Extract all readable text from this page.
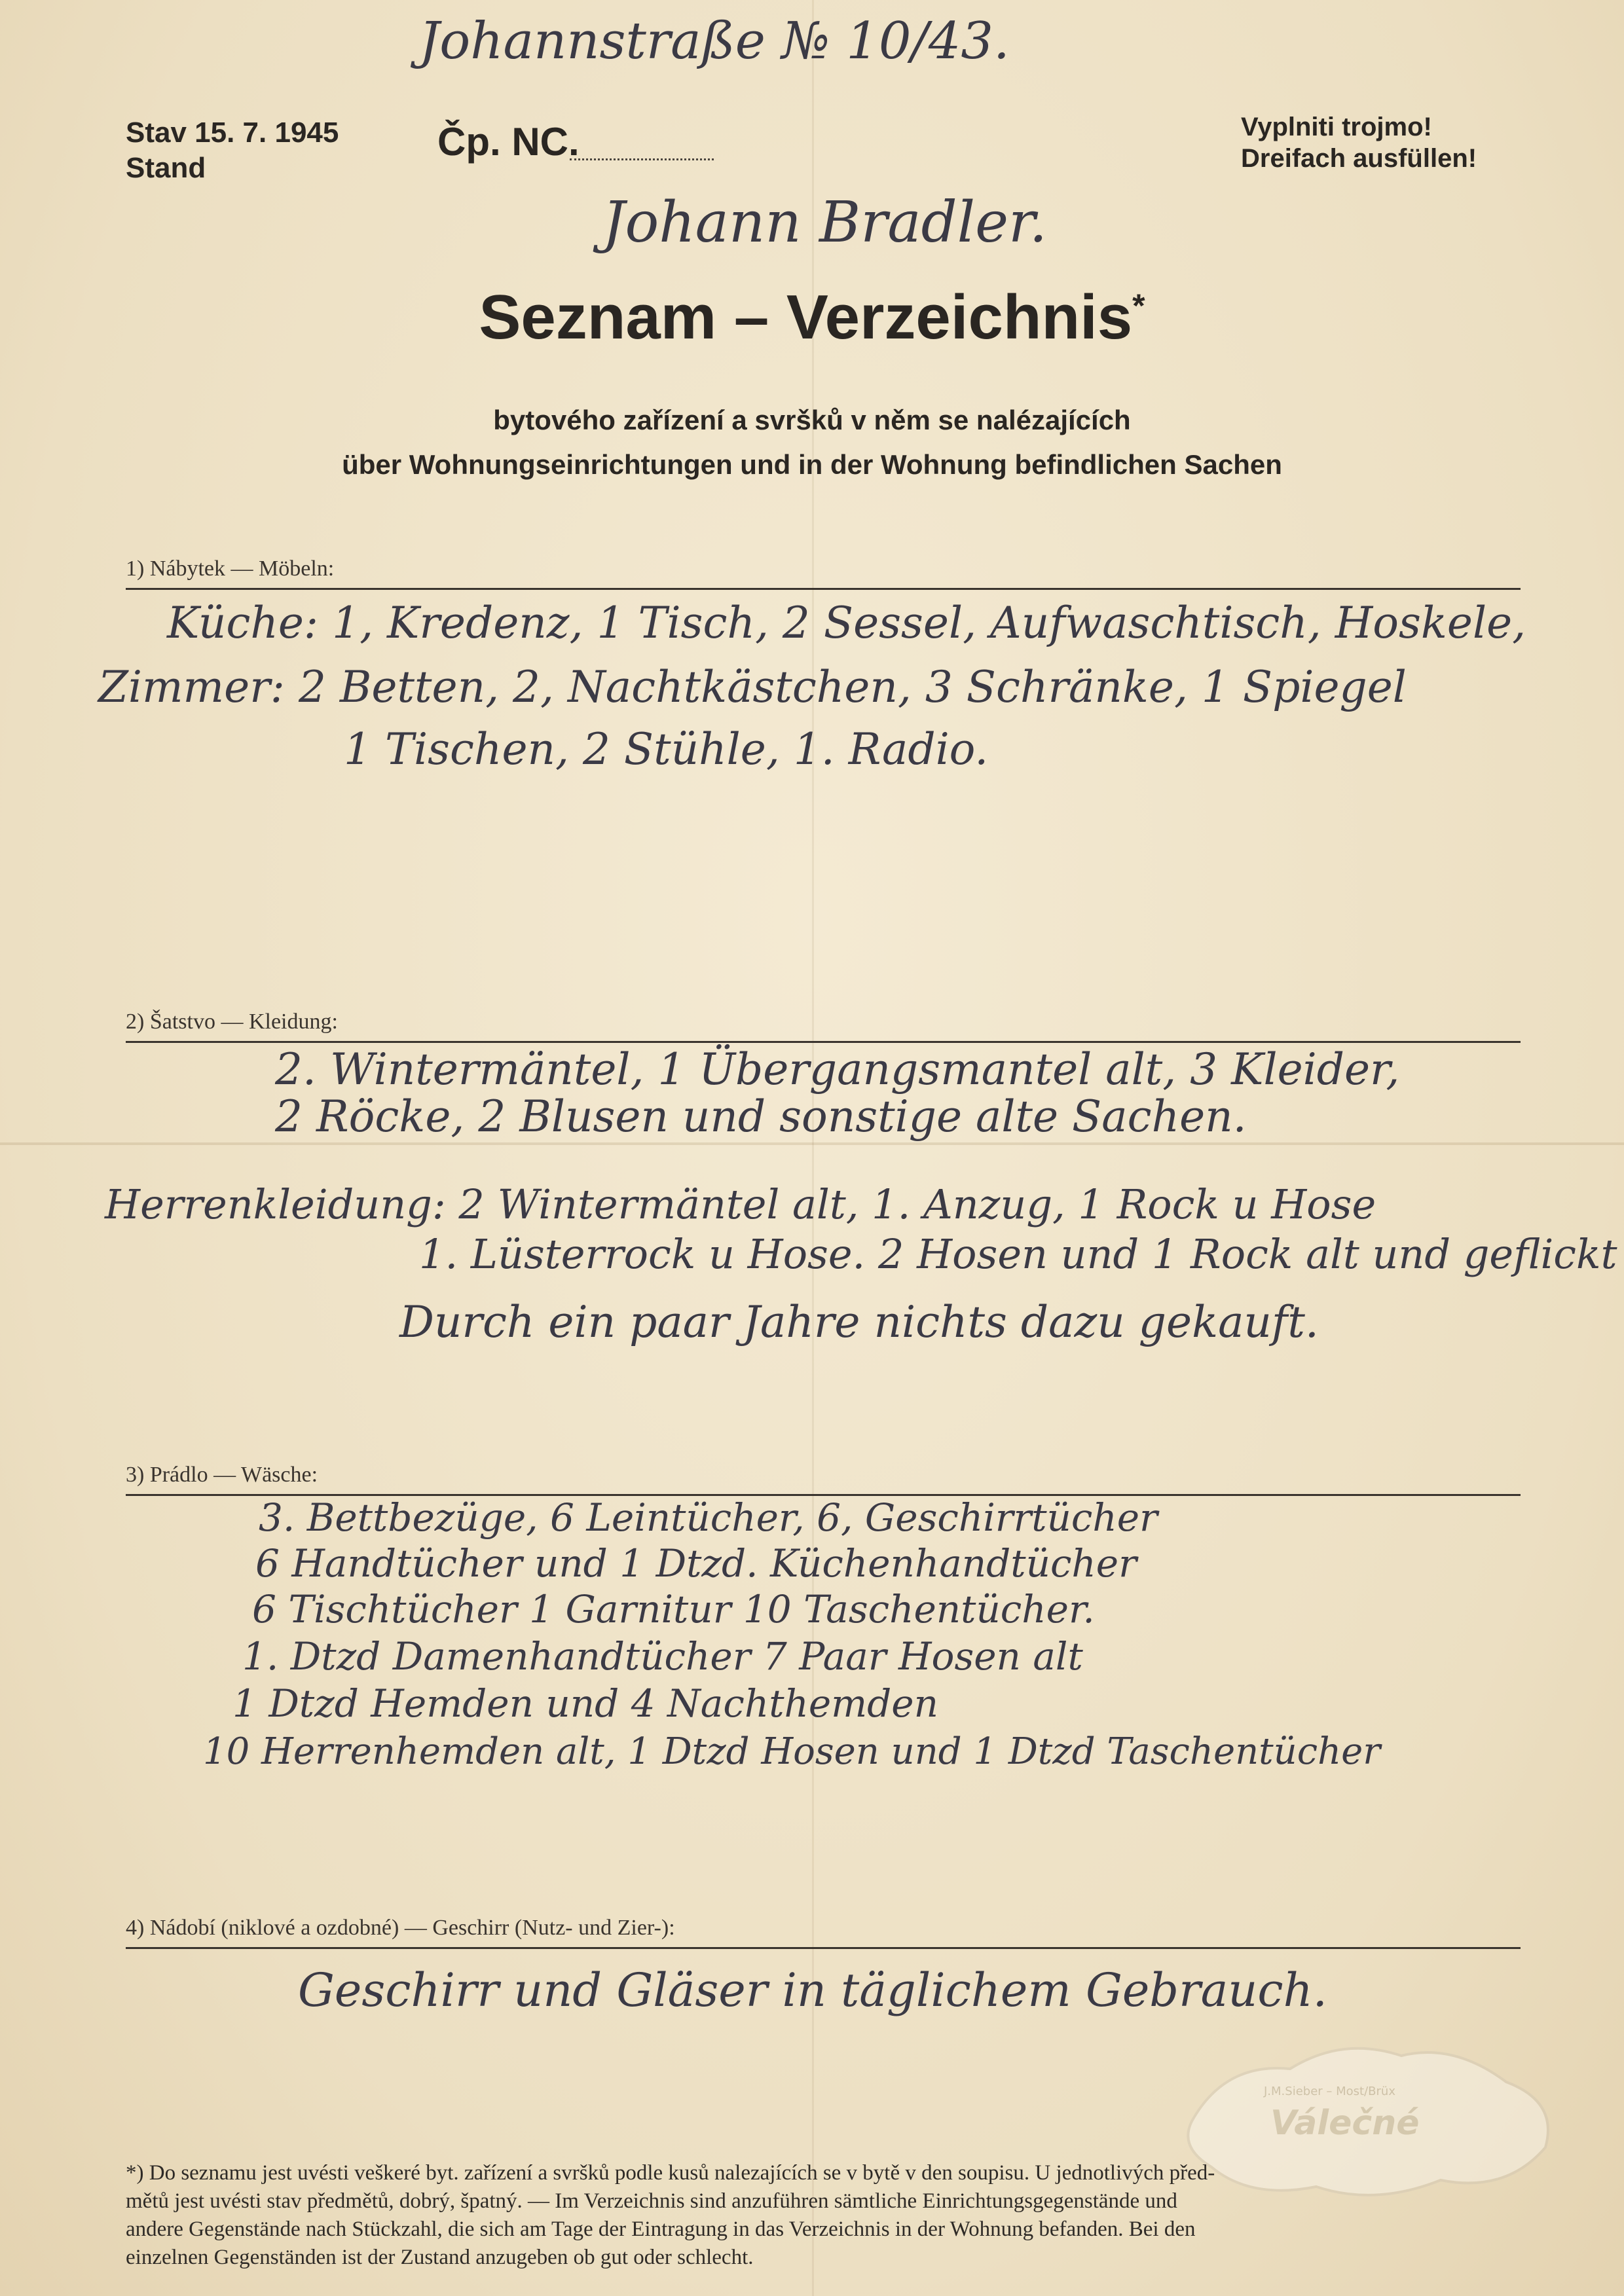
Johannstraße № 10/43.
Stav 15. 7. 1945
Stand
Čp. NC.	Vyplniti trojmo!
Dreifach ausfüllen!
Johann Bradler.
Seznam – Verzeichnis*
bytového zařízení a svršků v něm se nalézajících
über Wohnungseinrichtungen und in der Wohnung befindlichen Sachen
1) Nábytek — Möbeln:
Küche: 1, Kredenz, 1 Tisch, 2 Sessel, Aufwaschtisch, Hoskele,
Zimmer: 2 Betten, 2, Nachtkästchen, 3 Schränke, 1 Spiegel
1 Tischen, 2 Stühle, 1. Radio.
2) Šatstvo — Kleidung:
2. Wintermäntel, 1 Übergangsmantel alt, 3 Kleider,
2 Röcke, 2 Blusen und sonstige alte Sachen.
Herrenkleidung: 2 Wintermäntel alt, 1. Anzug, 1 Rock u Hose
1. Lüsterrock u Hose. 2 Hosen und 1 Rock alt und geflickt
Durch ein paar Jahre nichts dazu gekauft.
3) Prádlo — Wäsche:
3. Bettbezüge, 6 Leintücher, 6, Geschirrtücher
6 Handtücher und 1 Dtzd. Küchenhandtücher
6 Tischtücher 1 Garnitur 10 Taschentücher.
1. Dtzd Damenhandtücher 7 Paar Hosen alt
1 Dtzd Hemden und 4 Nachthemden
10 Herrenhemden alt, 1 Dtzd Hosen und 1 Dtzd Taschentücher
4) Nádobí (niklové a ozdobné) — Geschirr (Nutz- und Zier-):
Geschirr und Gläser in täglichem Gebrauch.
J.M.Sieber – Most/Brüx
Válečné
*) Do seznamu jest uvésti veškeré byt. zařízení a svršků podle kusů nalezajících se v bytě v den soupisu. U jednotlivých před-
mětů jest uvésti stav předmětů, dobrý, špatný. — Im Verzeichnis sind anzuführen sämtliche Einrichtungsgegenstände und
andere Gegenstände nach Stückzahl, die sich am Tage der Eintragung in das Verzeichnis in der Wohnung befanden. Bei den
einzelnen Gegenständen ist der Zustand anzugeben ob gut oder schlecht.
